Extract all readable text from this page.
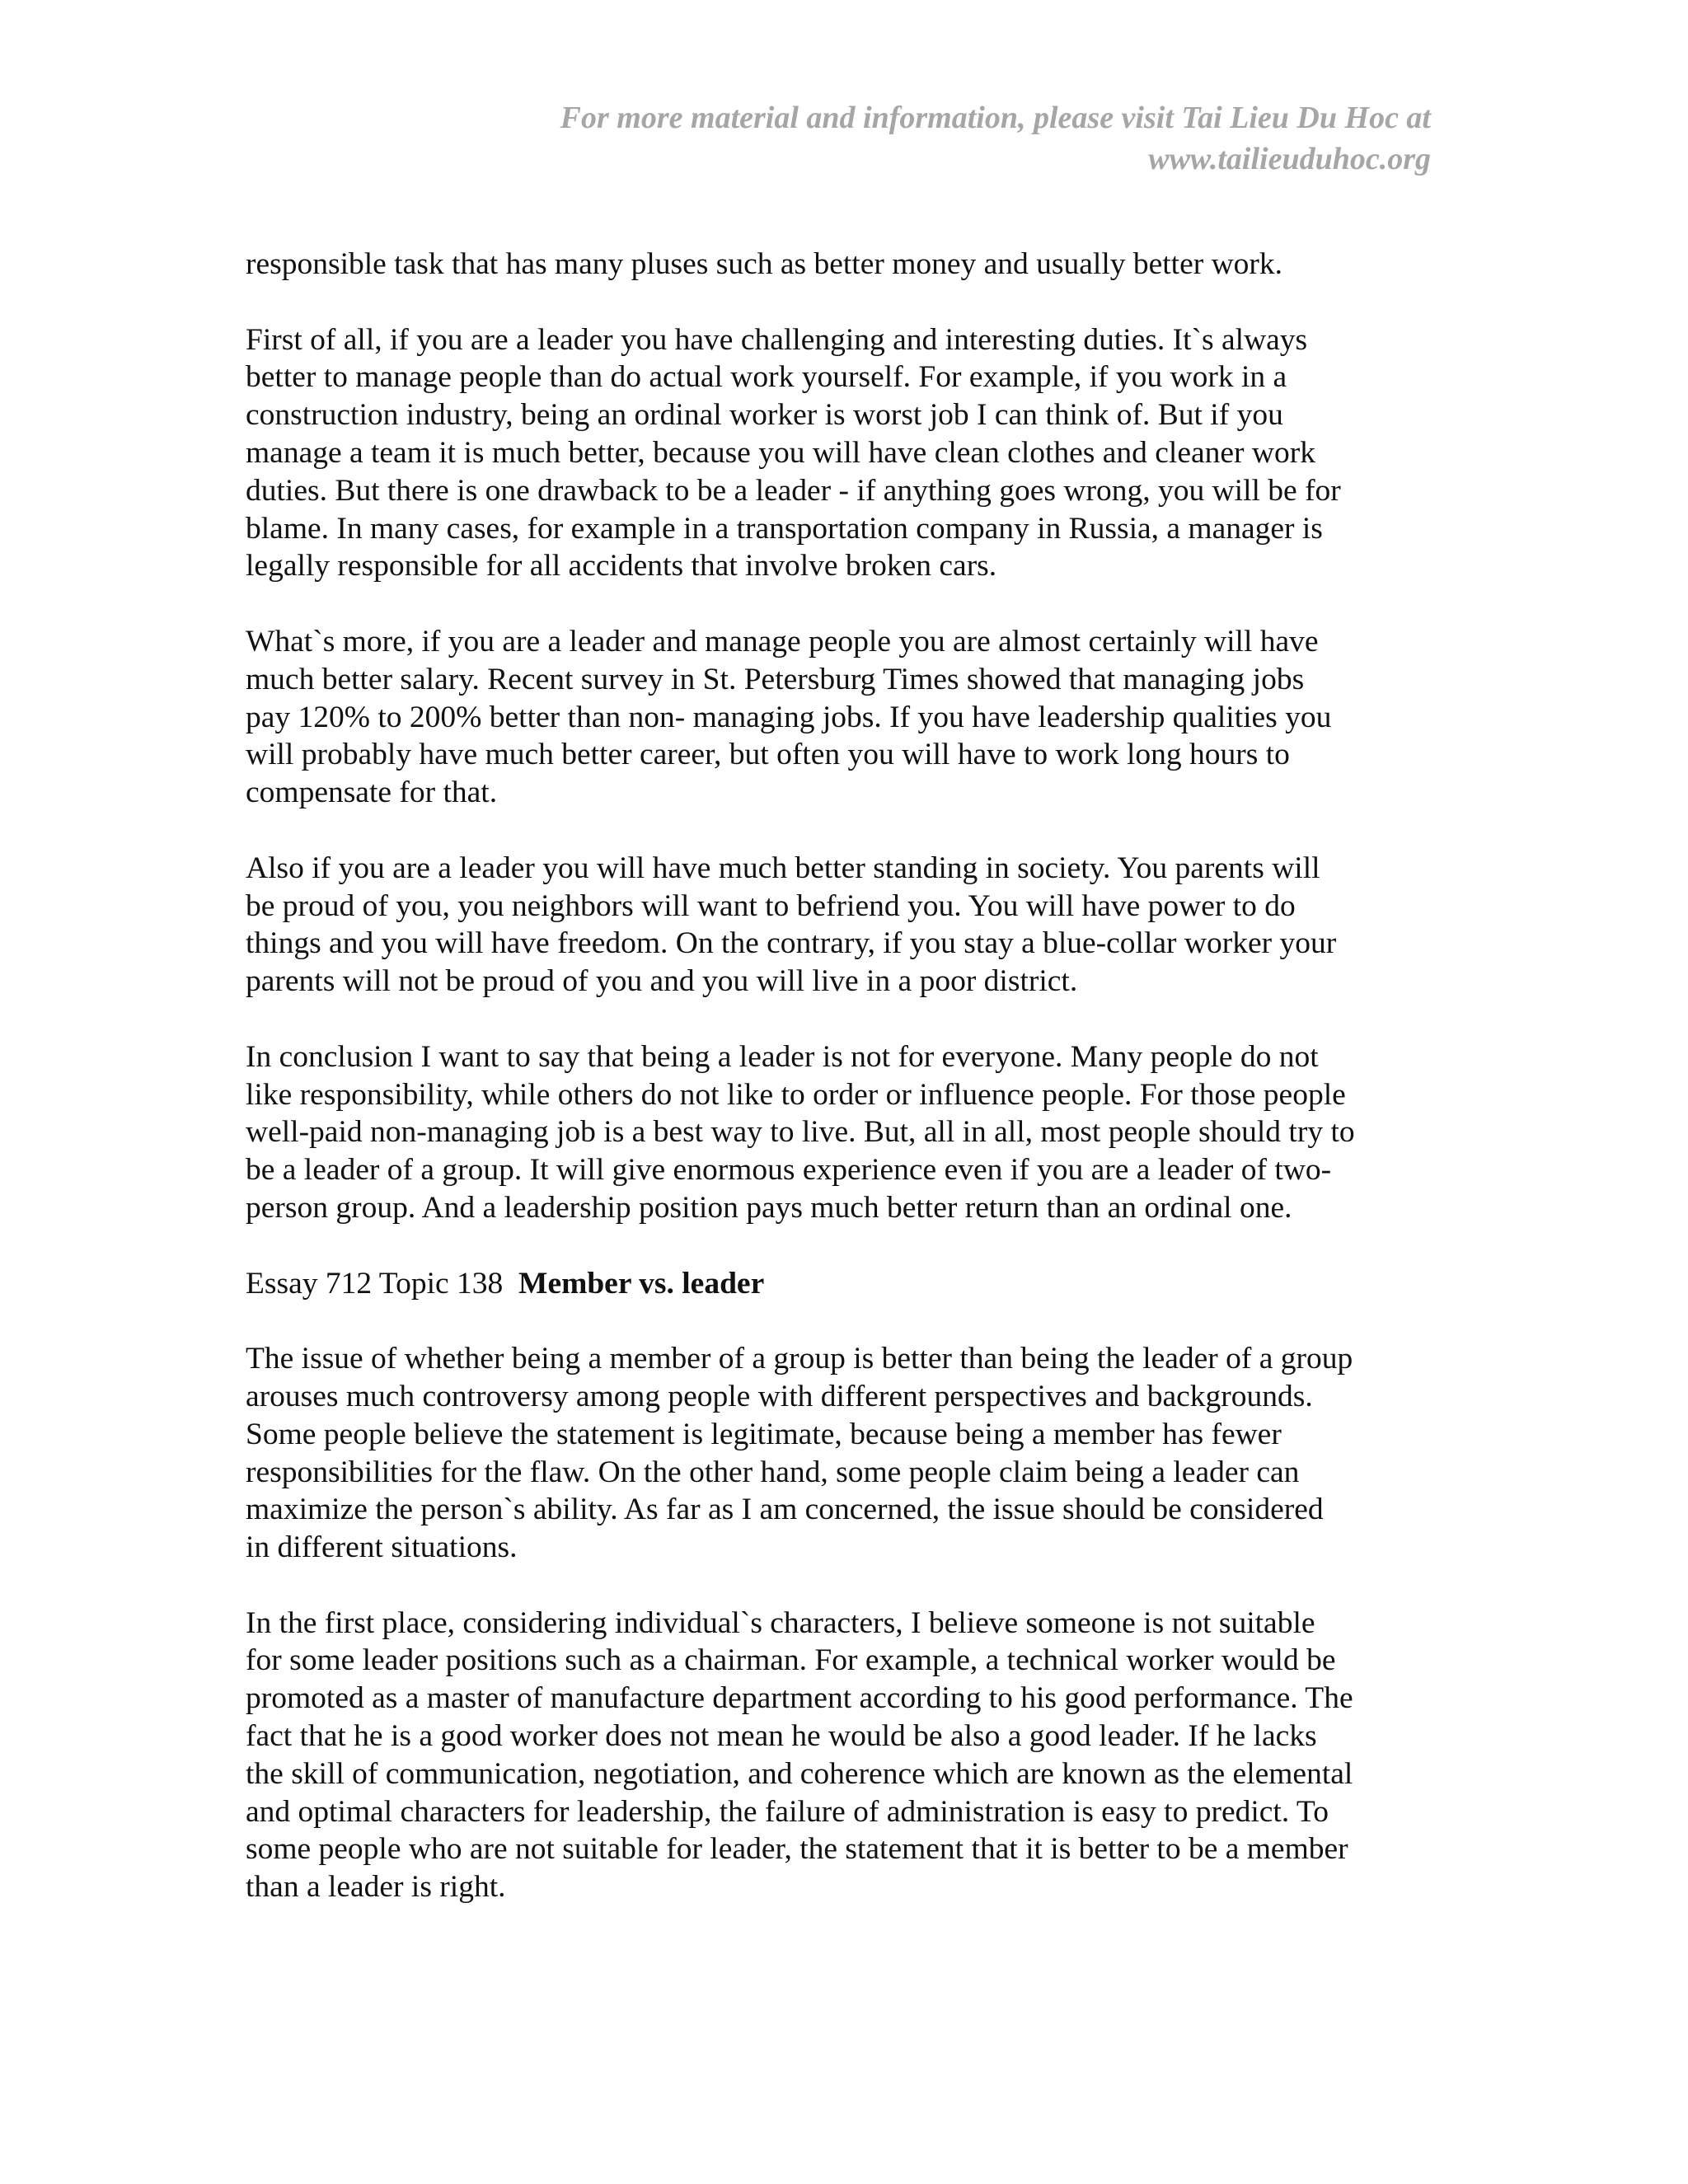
For more material and information, please visit Tai Lieu Du Hoc at
www.tailieuduhoc.org
responsible task that has many pluses such as better money and usually better work.
First of all, if you are a leader you have challenging and interesting duties. It`s always
better to manage people than do actual work yourself. For example, if you work in a
construction industry, being an ordinal worker is worst job I can think of. But if you
manage a team it is much better, because you will have clean clothes and cleaner work
duties. But there is one drawback to be a leader - if anything goes wrong, you will be for
blame. In many cases, for example in a transportation company in Russia, a manager is
legally responsible for all accidents that involve broken cars.
What`s more, if you are a leader and manage people you are almost certainly will have
much better salary. Recent survey in St. Petersburg Times showed that managing jobs
pay 120% to 200% better than non- managing jobs. If you have leadership qualities you
will probably have much better career, but often you will have to work long hours to
compensate for that.
Also if you are a leader you will have much better standing in society. You parents will
be proud of you, you neighbors will want to befriend you. You will have power to do
things and you will have freedom. On the contrary, if you stay a blue-collar worker your
parents will not be proud of you and you will live in a poor district.
In conclusion I want to say that being a leader is not for everyone. Many people do not
like responsibility, while others do not like to order or influence people. For those people
well-paid non-managing job is a best way to live. But, all in all, most people should try to
be a leader of a group. It will give enormous experience even if you are a leader of two-
person group. And a leadership position pays much better return than an ordinal one.
Essay 712 Topic 138 Member vs. leader
The issue of whether being a member of a group is better than being the leader of a group
arouses much controversy among people with different perspectives and backgrounds.
Some people believe the statement is legitimate, because being a member has fewer
responsibilities for the flaw. On the other hand, some people claim being a leader can
maximize the person`s ability. As far as I am concerned, the issue should be considered
in different situations.
In the first place, considering individual`s characters, I believe someone is not suitable
for some leader positions such as a chairman. For example, a technical worker would be
promoted as a master of manufacture department according to his good performance. The
fact that he is a good worker does not mean he would be also a good leader. If he lacks
the skill of communication, negotiation, and coherence which are known as the elemental
and optimal characters for leadership, the failure of administration is easy to predict. To
some people who are not suitable for leader, the statement that it is better to be a member
than a leader is right.
